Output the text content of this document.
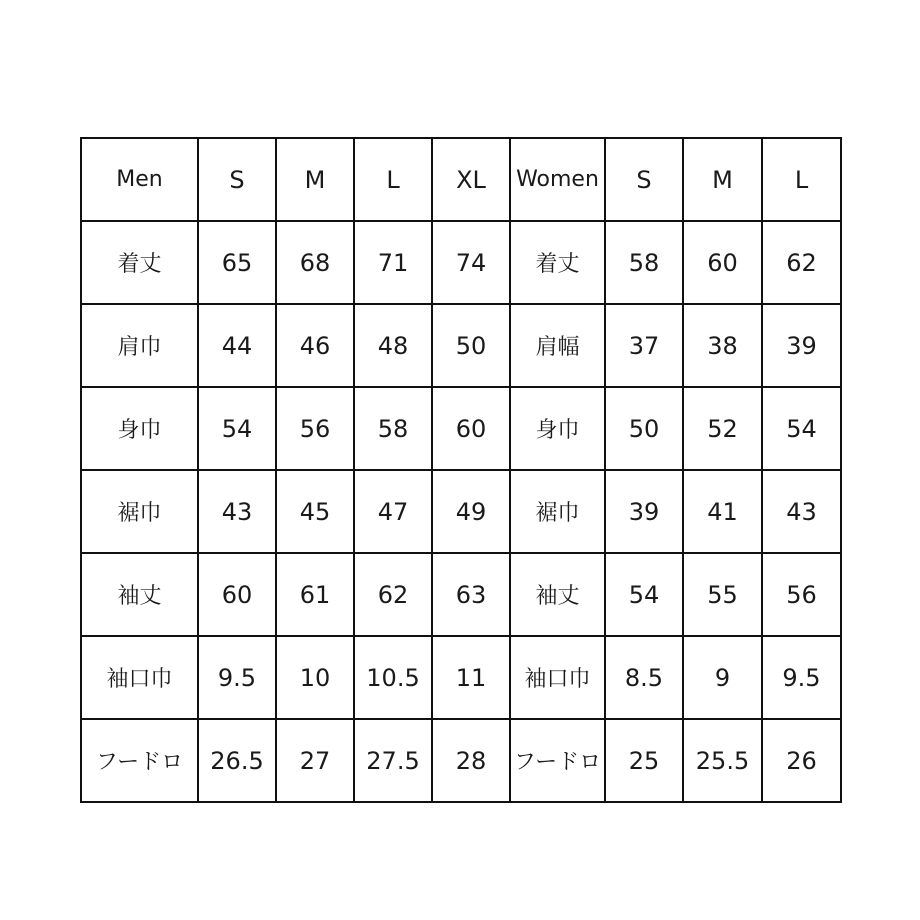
Men	S	M	L	XL	Women	S	M	L
着丈	65	68	71	74	着丈	58	60	62
肩巾	44	46	48	50	肩幅	37	38	39
身巾	54	56	58	60	身巾	50	52	54
裾巾	43	45	47	49	裾巾	39	41	43
袖丈	60	61	62	63	袖丈	54	55	56
袖口巾	9.5	10	10.5	11	袖口巾	8.5	9	9.5
フードロ	26.5	27	27.5	28	フードロ	25	25.5	26
